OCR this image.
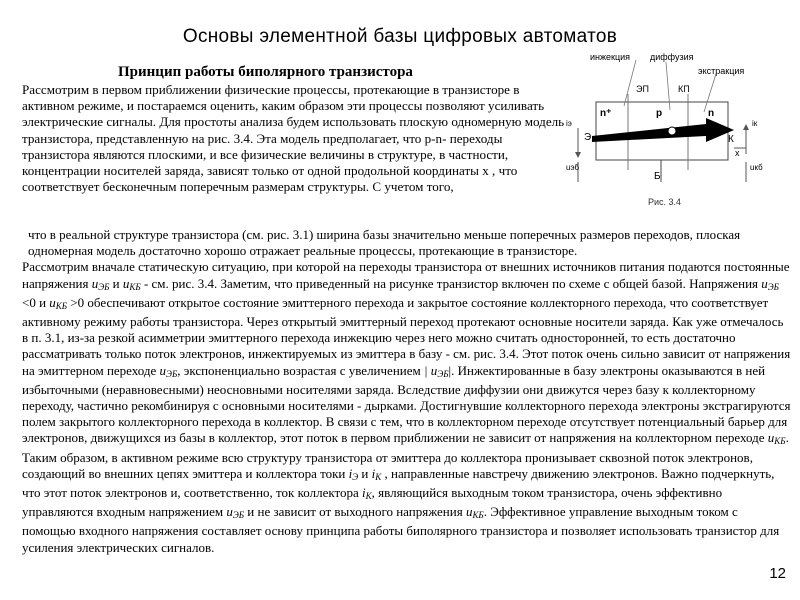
Основы элементной базы цифровых автоматов
Принцип работы биполярного транзистора
Рассмотрим в первом приближении физические процессы, протекающие в транзисторе в активном режиме, и постараемся оценить, каким образом эти процессы позволяют усиливать электрические сигналы. Для простоты анализа будем использовать плоскую одномерную модель транзистора, представленную на рис. 3.4. Эта модель предполагает, что p-n- переходы транзистора являются плоскими, и все физические величины в структуре, в частности, концентрации носителей заряда, зависят только от одной продольной координаты x , что соответствует бесконечным поперечным размерам структуры. С учетом того,
инжекция диффузия
экстракция
ЭП	КП
n⁺	p	n
Э	К
Б
x
iэ	iк
uэб	uкб
Рис. 3.4

что в реальной структуре транзистора (см. рис. 3.1) ширина базы значительно меньше поперечных размеров переходов, плоская одномерная модель достаточно хорошо отражает реальные процессы, протекающие в транзисторе.

Рассмотрим вначале статическую ситуацию, при которой на переходы транзистора от внешних источников питания подаются постоянные напряжения $u_{ЭБ}$ и $u_{КБ}$ - см. рис. 3.4. Заметим, что приведенный на рисунке транзистор включен по схеме с общей базой. Напряжения $u_{ЭБ} <0$ и $u_{КБ} >0$ обеспечивают открытое состояние эмиттерного перехода и закрытое состояние коллекторного перехода, что соответствует активному режиму работы транзистора. Через открытый эмиттерный переход протекают основные носители заряда. Как уже отмечалось в п. 3.1, из-за резкой асимметрии эмиттерного перехода инжекцию через него можно считать односторонней, то есть достаточно рассматривать только поток электронов, инжектируемых из эмиттера в базу - см. рис. 3.4. Этот поток очень сильно зависит от напряжения на эмиттерном переходе $u_{ЭБ}$, экспоненциально возрастая с увеличением | $u_{ЭБ}|$. Инжектированные в базу электроны оказываются в ней избыточными (неравновесными) неосновными носителями заряда. Вследствие диффузии они движутся через базу к коллекторному переходу, частично рекомбинируя с основными носителями - дырками. Достигнувшие коллекторного перехода электроны экстрагируются полем закрытого коллекторного перехода в коллектор. В связи с тем, что в коллекторном переходе отсутствует потенциальный барьер для электронов, движущихся из базы в коллектор, этот поток в первом приближении не зависит от напряжения на коллекторном переходе $u_{КБ}$. Таким образом, в активном режиме всю структуру транзистора от эмиттера до коллектора пронизывает сквозной поток электронов, создающий во внешних цепях эмиттера и коллектора токи $i_Э$ и $i_К$ , направленные навстречу движению электронов. Важно подчеркнуть, что этот поток электронов и, соответственно, ток коллектора $i_К$, являющийся выходным током транзистора, очень эффективно управляются входным напряжением $u_{ЭБ}$ и не зависит от выходного напряжения $u_{КБ}$. Эффективное управление выходным током с помощью входного напряжения составляет основу принципа работы биполярного транзистора и позволяет использовать транзистор для усиления электрических сигналов.

12
